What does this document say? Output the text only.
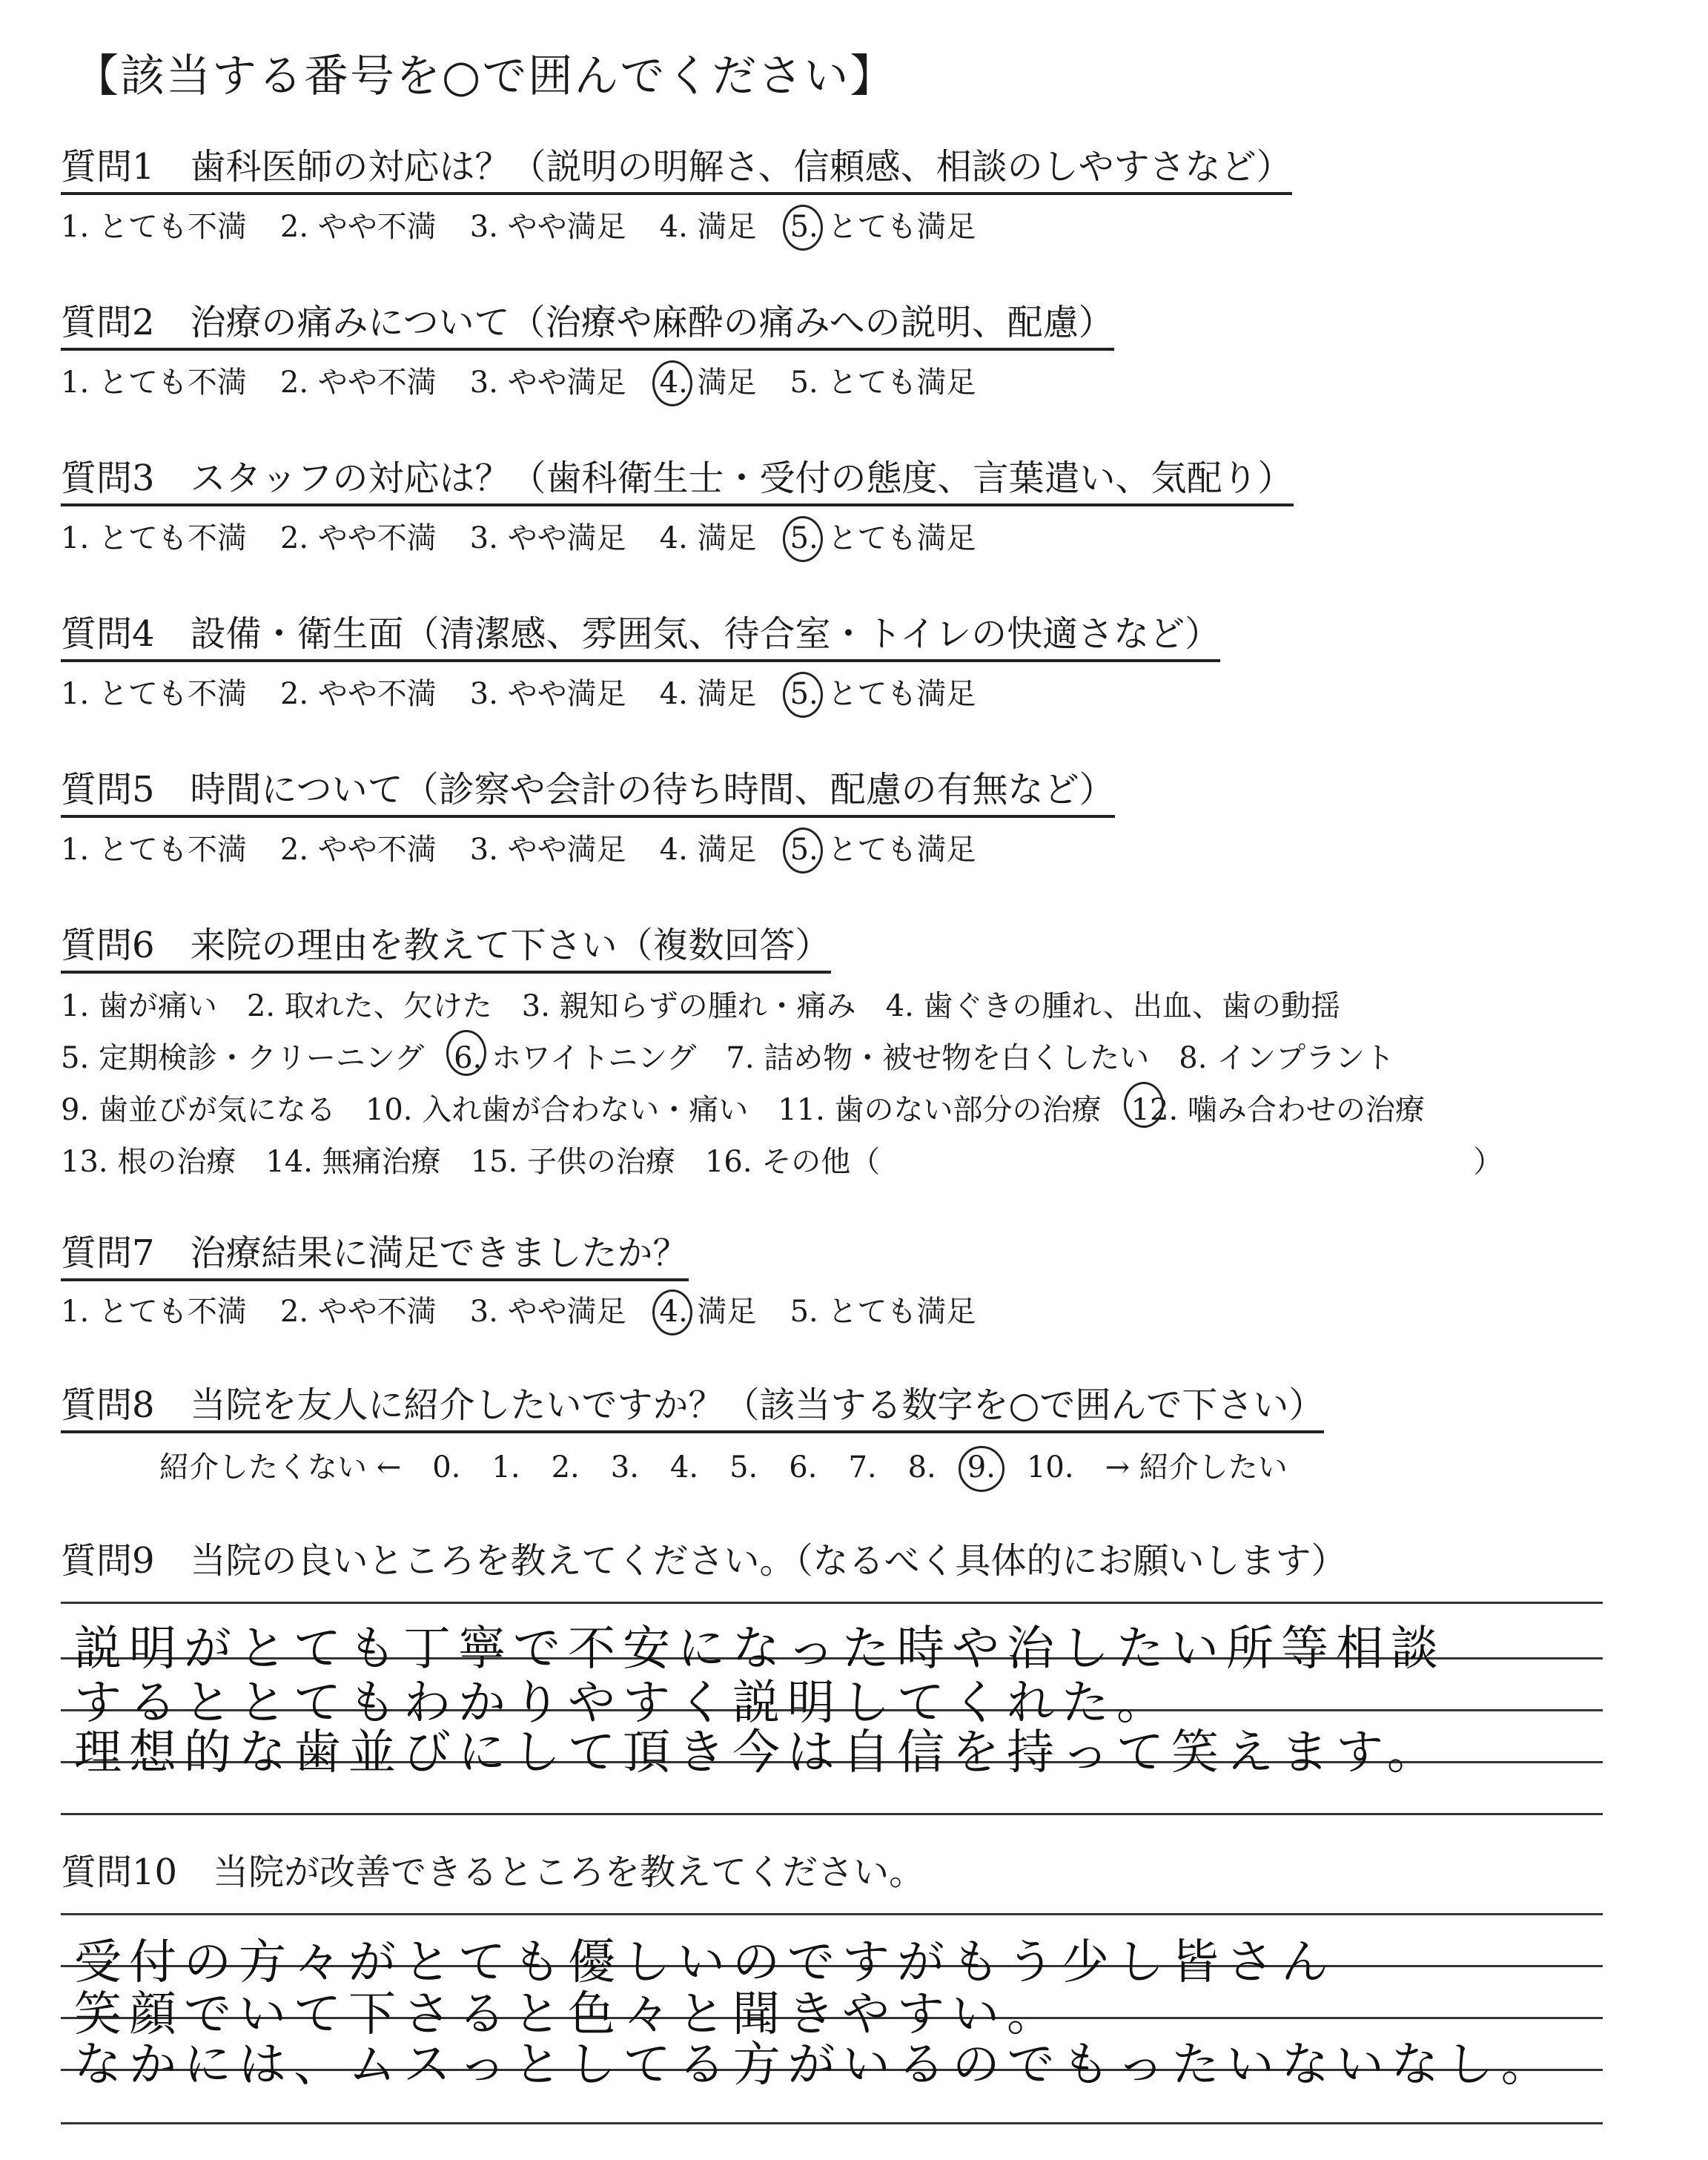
【該当する番号を○で囲んでください】
質問1　歯科医師の対応は？（説明の明解さ、信頼感、相談のしやすさなど）
1. とても不満 2. やや不満 3. やや満足 4. 満足 5. とても満足
質問2　治療の痛みについて（治療や麻酔の痛みへの説明、配慮）
1. とても不満 2. やや不満 3. やや満足 4. 満足 5. とても満足
質問3　スタッフの対応は？（歯科衛生士・受付の態度、言葉遣い、気配り）
1. とても不満 2. やや不満 3. やや満足 4. 満足 5. とても満足
質問4　設備・衛生面（清潔感、雰囲気、待合室・トイレの快適さなど）
1. とても不満 2. やや不満 3. やや満足 4. 満足 5. とても満足
質問5　時間について（診察や会計の待ち時間、配慮の有無など）
1. とても不満 2. やや不満 3. やや満足 4. 満足 5. とても満足
質問6　来院の理由を教えて下さい（複数回答）
1. 歯が痛い 2. 取れた、欠けた 3. 親知らずの腫れ・痛み 4. 歯ぐきの腫れ、出血、歯の動揺
5. 定期検診・クリーニング 6. ホワイトニング 7. 詰め物・被せ物を白くしたい 8. インプラント
9. 歯並びが気になる 10. 入れ歯が合わない・痛い 11. 歯のない部分の治療 12. 噛み合わせの治療
13. 根の治療 14. 無痛治療 15. 子供の治療 16. その他（	）
質問7　治療結果に満足できましたか？
1. とても不満 2. やや不満 3. やや満足 4. 満足 5. とても満足
質問8　当院を友人に紹介したいですか？（該当する数字を○で囲んで下さい）
紹介したくない ← 0. 1. 2. 3. 4. 5. 6. 7. 8. 9. 10. → 紹介したい
質問9　当院の良いところを教えてください。（なるべく具体的にお願いします）
説明がとても丁寧で不安になった時や治したい所等相談
するととてもわかりやすく説明してくれた。
理想的な歯並びにして頂き今は自信を持って笑えます。
質問10　当院が改善できるところを教えてください。
受付の方々がとても優しいのですがもう少し皆さん
笑顔でいて下さると色々と聞きやすい。
なかには、ムスっとしてる方がいるのでもったいないなし。
